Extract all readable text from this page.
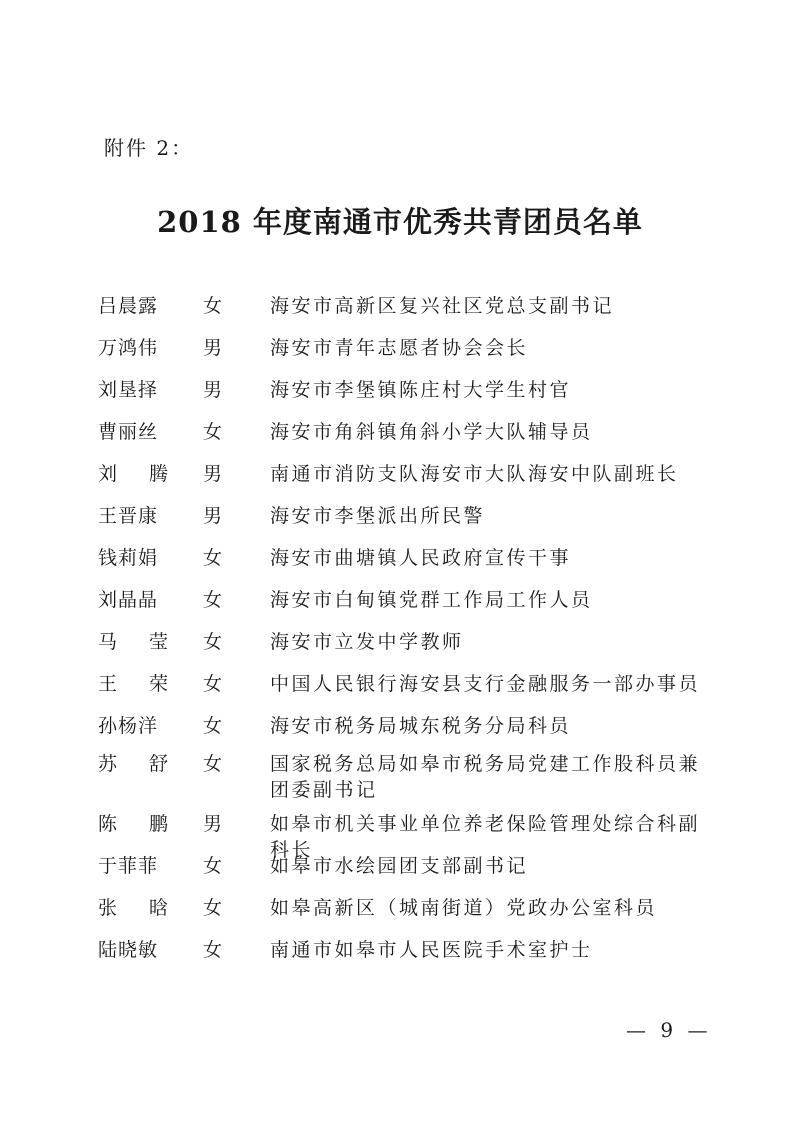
附件 2：
2018 年度南通市优秀共青团员名单
吕晨露	女	海安市高新区复兴社区党总支副书记
万鸿伟	男	海安市青年志愿者协会会长
刘垦择	男	海安市李堡镇陈庄村大学生村官
曹丽丝	女	海安市角斜镇角斜小学大队辅导员
刘 腾 男	南通市消防支队海安市大队海安中队副班长
王晋康	男	海安市李堡派出所民警
钱莉娟	女	海安市曲塘镇人民政府宣传干事
刘晶晶	女	海安市白甸镇党群工作局工作人员
马 莹 女	海安市立发中学教师
王 荣 女	中国人民银行海安县支行金融服务一部办事员
孙杨洋	女	海安市税务局城东税务分局科员
苏 舒 女	国家税务总局如皋市税务局党建工作股科员兼团委副书记
陈 鹏 男	如皋市机关事业单位养老保险管理处综合科副科长
于菲菲	女	如皋市水绘园团支部副书记
张 晗 女	如皋高新区（城南街道）党政办公室科员
陆晓敏	女	南通市如皋市人民医院手术室护士
— 9 —
